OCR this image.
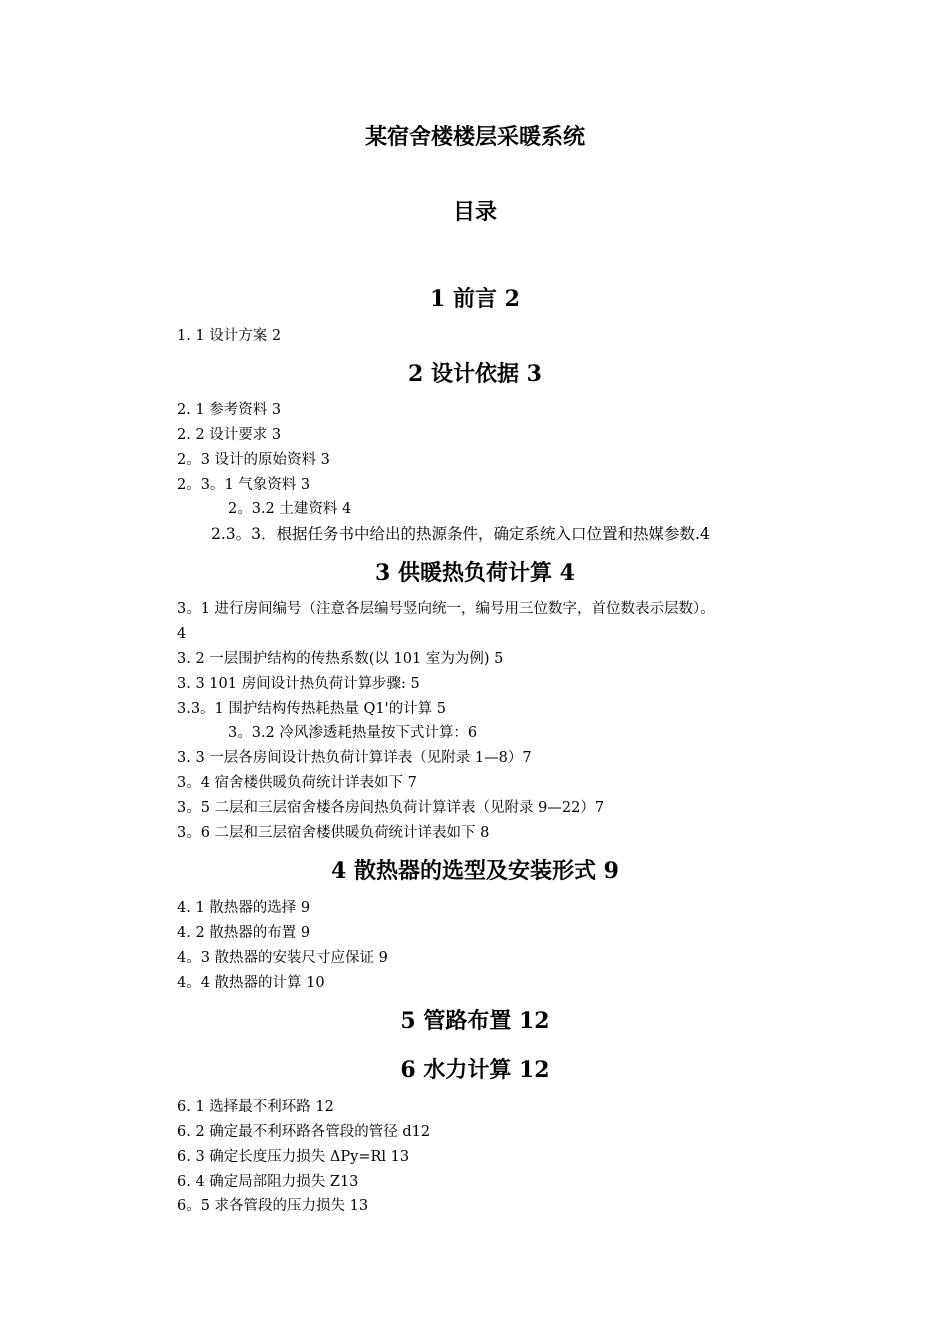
某宿舍楼楼层采暖系统
目录
1 前言 2
1. 1 设计方案 2
2 设计依据 3
2. 1 参考资料 3
2. 2 设计要求 3
2。3 设计的原始资料 3
2。3。1 气象资料 3
2。3.2 土建资料 4
2.3。3．根据任务书中给出的热源条件，确定系统入口位置和热媒参数.4
3 供暖热负荷计算 4
3。1 进行房间编号（注意各层编号竖向统一，编号用三位数字，首位数表示层数）。
4
3. 2 一层围护结构的传热系数(以 101 室为为例) 5
3. 3 101 房间设计热负荷计算步骤: 5
3.3。1 围护结构传热耗热量 Q1'的计算 5
3。3.2 冷风渗透耗热量按下式计算：6
3. 3 一层各房间设计热负荷计算详表（见附录 1—8）7
3。4 宿舍楼供暖负荷统计详表如下 7
3。5 二层和三层宿舍楼各房间热负荷计算详表（见附录 9—22）7
3。6 二层和三层宿舍楼供暖负荷统计详表如下 8
4 散热器的选型及安装形式 9
4. 1 散热器的选择 9
4. 2 散热器的布置 9
4。3 散热器的安装尺寸应保证 9
4。4 散热器的计算 10
5 管路布置 12
6 水力计算 12
6. 1 选择最不利环路 12
6. 2 确定最不利环路各管段的管径 d12
6. 3 确定长度压力损失 ΔPy=Rl 13
6. 4 确定局部阻力损失 Z13
6。5 求各管段的压力损失 13
